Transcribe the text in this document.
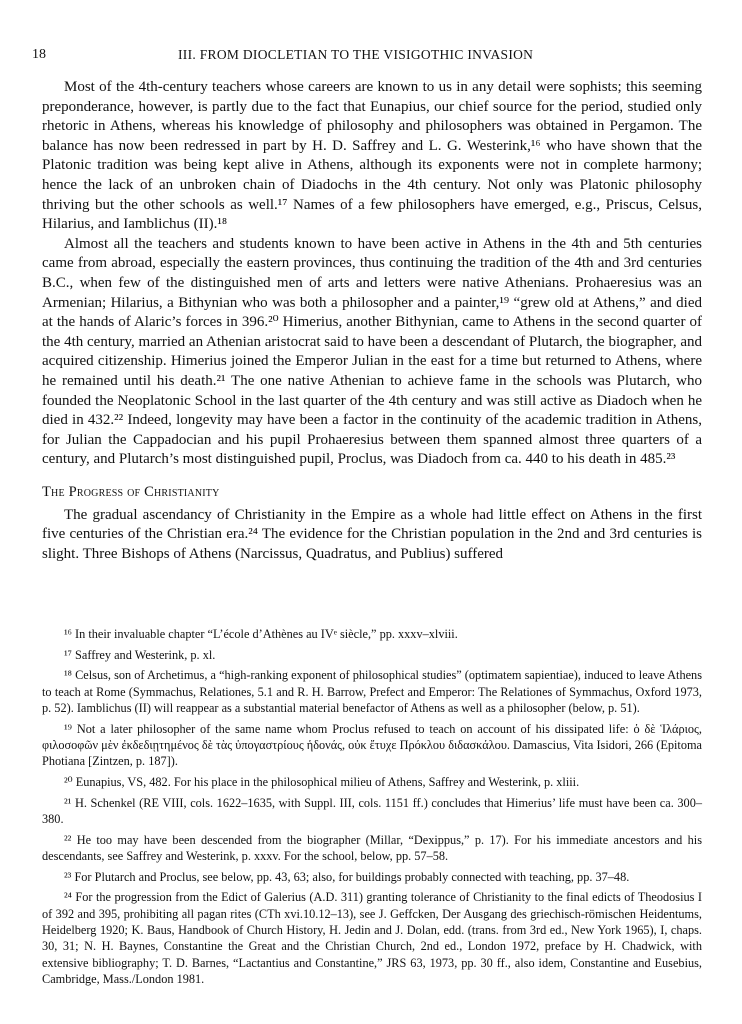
18	III. FROM DIOCLETIAN TO THE VISIGOTHIC INVASION

Most of the 4th-century teachers whose careers are known to us in any detail were sophists; this seeming preponderance, however, is partly due to the fact that Eunapius, our chief source for the period, studied only rhetoric in Athens, whereas his knowledge of philosophy and philosophers was obtained in Pergamon. The balance has now been redressed in part by H. D. Saffrey and L. G. Westerink,¹⁶ who have shown that the Platonic tradition was being kept alive in Athens, although its exponents were not in complete harmony; hence the lack of an unbroken chain of Diadochs in the 4th century. Not only was Platonic philosophy thriving but the other schools as well.¹⁷ Names of a few philosophers have emerged, e.g., Priscus, Celsus, Hilarius, and Iamblichus (II).¹⁸

Almost all the teachers and students known to have been active in Athens in the 4th and 5th centuries came from abroad, especially the eastern provinces, thus continuing the tradition of the 4th and 3rd centuries B.C., when few of the distinguished men of arts and letters were native Athenians. Prohaeresius was an Armenian; Hilarius, a Bithynian who was both a philosopher and a painter,¹⁹ “grew old at Athens,” and died at the hands of Alaric’s forces in 396.²⁰ Himerius, another Bithynian, came to Athens in the second quarter of the 4th century, married an Athenian aristocrat said to have been a descendant of Plutarch, the biographer, and acquired citizenship. Himerius joined the Emperor Julian in the east for a time but returned to Athens, where he remained until his death.²¹ The one native Athenian to achieve fame in the schools was Plutarch, who founded the Neoplatonic School in the last quarter of the 4th century and was still active as Diadoch when he died in 432.²² Indeed, longevity may have been a factor in the continuity of the academic tradition in Athens, for Julian the Cappadocian and his pupil Prohaeresius between them spanned almost three quarters of a century, and Plutarch’s most distinguished pupil, Proclus, was Diadoch from ca. 440 to his death in 485.²³

The Progress of Christianity

The gradual ascendancy of Christianity in the Empire as a whole had little effect on Athens in the first five centuries of the Christian era.²⁴ The evidence for the Christian population in the 2nd and 3rd centuries is slight. Three Bishops of Athens (Narcissus, Quadratus, and Publius) suffered

¹⁶ In their invaluable chapter “L’école d’Athènes au IVᵉ siècle,” pp. xxxv–xlviii.

¹⁷ Saffrey and Westerink, p. xl.

¹⁸ Celsus, son of Archetimus, a “high-ranking exponent of philosophical studies” (optimatem sapientiae), induced to leave Athens to teach at Rome (Symmachus, Relationes, 5.1 and R. H. Barrow, Prefect and Emperor: The Relationes of Symmachus, Oxford 1973, p. 52). Iamblichus (II) will reappear as a substantial material benefactor of Athens as well as a philosopher (below, p. 51).

¹⁹ Not a later philosopher of the same name whom Proclus refused to teach on account of his dissipated life: ὁ δὲ Ἱλάριος, φιλοσοφῶν μὲν ἐκδεδιῃτημένος δὲ τὰς ὑπογαστρίους ἡδονάς, οὐκ ἔτυχε Πρόκλου διδασκάλου. Damascius, Vita Isidori, 266 (Epitoma Photiana [Zintzen, p. 187]).

²⁰ Eunapius, VS, 482. For his place in the philosophical milieu of Athens, Saffrey and Westerink, p. xliii.

²¹ H. Schenkel (RE VIII, cols. 1622–1635, with Suppl. III, cols. 1151 ff.) concludes that Himerius’ life must have been ca. 300–380.

²² He too may have been descended from the biographer (Millar, “Dexippus,” p. 17). For his immediate ancestors and his descendants, see Saffrey and Westerink, p. xxxv. For the school, below, pp. 57–58.

²³ For Plutarch and Proclus, see below, pp. 43, 63; also, for buildings probably connected with teaching, pp. 37–48.

²⁴ For the progression from the Edict of Galerius (A.D. 311) granting tolerance of Christianity to the final edicts of Theodosius I of 392 and 395, prohibiting all pagan rites (CTh xvi.10.12–13), see J. Geffcken, Der Ausgang des griechisch-römischen Heidentums, Heidelberg 1920; K. Baus, Handbook of Church History, H. Jedin and J. Dolan, edd. (trans. from 3rd ed., New York 1965), I, chaps. 30, 31; N. H. Baynes, Constantine the Great and the Christian Church, 2nd ed., London 1972, preface by H. Chadwick, with extensive bibliography; T. D. Barnes, “Lactantius and Constantine,” JRS 63, 1973, pp. 30 ff., also idem, Constantine and Eusebius, Cambridge, Mass./London 1981.
